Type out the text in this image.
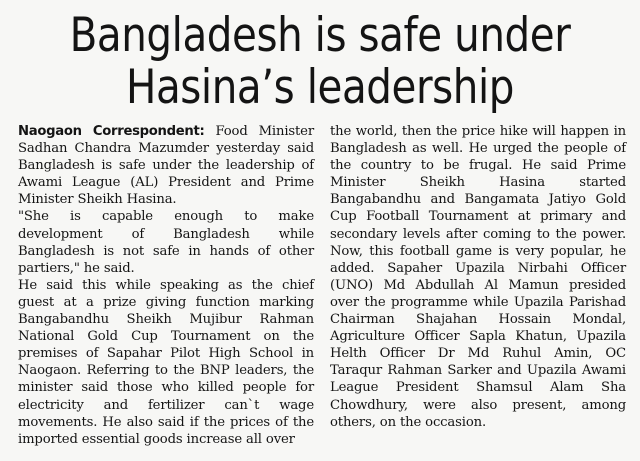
Bangladesh is safe under
Hasina’s leadership

Naogaon Correspondent: Food Minister Sadhan Chandra Mazumder yesterday said Bangladesh is safe under the leadership of Awami League (AL) President and Prime Minister Sheikh Hasina.

"She is capable enough to make development of Bangladesh while Bangladesh is not safe in hands of other partiers," he said.

He said this while speaking as the chief guest at a prize giving function marking Bangabandhu Sheikh Mujibur Rahman National Gold Cup Tournament on the premises of Sapahar Pilot High School in Naogaon. Referring to the BNP leaders, the minister said those who killed people for electricity and fertilizer can`t wage movements. He also said if the prices of the imported essential goods increase all over

the world, then the price hike will happen in Bangladesh as well. He urged the people of the country to be frugal. He said Prime Minister Sheikh Hasina started Bangabandhu and Bangamata Jatiyo Gold Cup Football Tournament at primary and secondary levels after coming to the power. Now, this football game is very popular, he added. Sapaher Upazila Nirbahi Officer (UNO) Md Abdullah Al Mamun presided over the programme while Upazila Parishad Chairman Shajahan Hossain Mondal, Agriculture Officer Sapla Khatun, Upazila Helth Officer Dr Md Ruhul Amin, OC Taraqur Rahman Sarker and Upazila Awami League President Shamsul Alam Sha Chowdhury, were also present, among others, on the occasion.
